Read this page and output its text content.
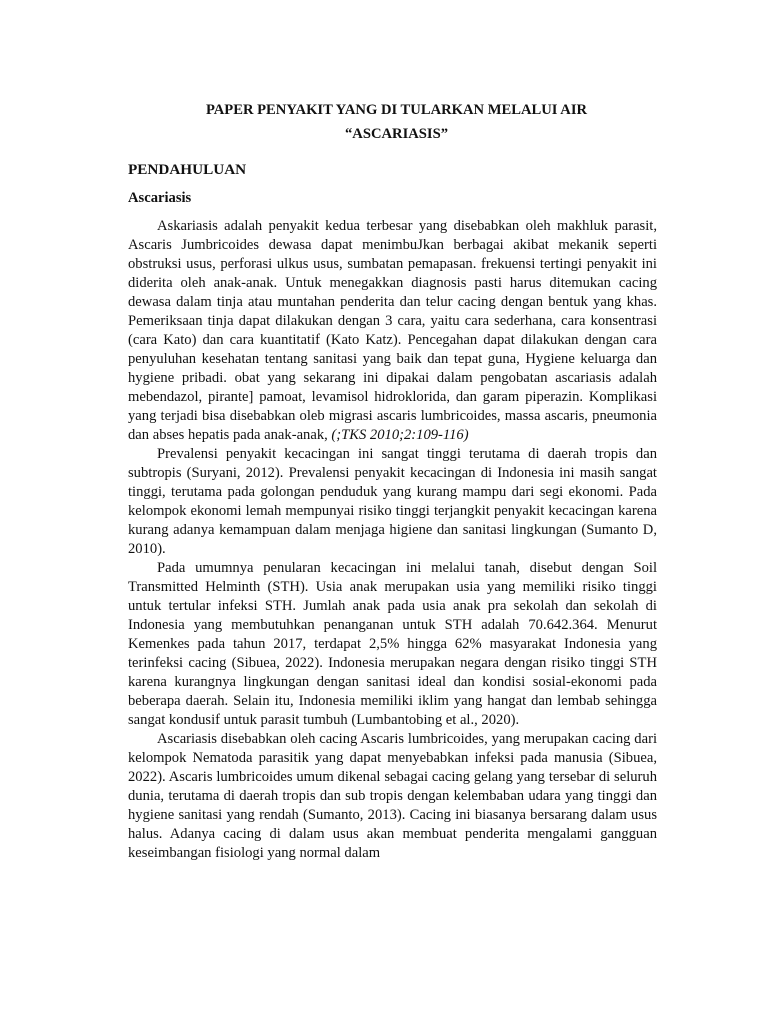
PAPER PENYAKIT YANG DI TULARKAN MELALUI AIR
“ASCARIASIS”
PENDAHULUAN
Ascariasis

Askariasis adalah penyakit kedua terbesar yang disebabkan oleh makhluk parasit, Ascaris Jumbricoides dewasa dapat menimbuJkan berbagai akibat mekanik seperti obstruksi usus, perforasi ulkus usus, sumbatan pemapasan. frekuensi tertingi penyakit ini diderita oleh anak-anak. Untuk menegakkan diagnosis pasti harus ditemukan cacing dewasa dalam tinja atau muntahan penderita dan telur cacing dengan bentuk yang khas. Pemeriksaan tinja dapat dilakukan dengan 3 cara, yaitu cara sederhana, cara konsentrasi (cara Kato) dan cara kuantitatif (Kato Katz). Pencegahan dapat dilakukan dengan cara penyuluhan kesehatan tentang sanitasi yang baik dan tepat guna, Hygiene keluarga dan hygiene pribadi. obat yang sekarang ini dipakai dalam pengobatan ascariasis adalah mebendazol, pirante] pamoat, levamisol hidroklorida, dan garam piperazin. Komplikasi yang terjadi bisa disebabkan oleb migrasi ascaris lumbricoides, massa ascaris, pneumonia dan abses hepatis pada anak-anak, (;TKS 2010;2:109-116)

Prevalensi penyakit kecacingan ini sangat tinggi terutama di daerah tropis dan subtropis (Suryani, 2012). Prevalensi penyakit kecacingan di Indonesia ini masih sangat tinggi, terutama pada golongan penduduk yang kurang mampu dari segi ekonomi. Pada kelompok ekonomi lemah mempunyai risiko tinggi terjangkit penyakit kecacingan karena kurang adanya kemampuan dalam menjaga higiene dan sanitasi lingkungan (Sumanto D, 2010).

Pada umumnya penularan kecacingan ini melalui tanah, disebut dengan Soil Transmitted Helminth (STH). Usia anak merupakan usia yang memiliki risiko tinggi untuk tertular infeksi STH. Jumlah anak pada usia anak pra sekolah dan sekolah di Indonesia yang membutuhkan penanganan untuk STH adalah 70.642.364. Menurut Kemenkes pada tahun 2017, terdapat 2,5% hingga 62% masyarakat Indonesia yang terinfeksi cacing (Sibuea, 2022). Indonesia merupakan negara dengan risiko tinggi STH karena kurangnya lingkungan dengan sanitasi ideal dan kondisi sosial-ekonomi pada beberapa daerah. Selain itu, Indonesia memiliki iklim yang hangat dan lembab sehingga sangat kondusif untuk parasit tumbuh (Lumbantobing et al., 2020).

Ascariasis disebabkan oleh cacing Ascaris lumbricoides, yang merupakan cacing dari kelompok Nematoda parasitik yang dapat menyebabkan infeksi pada manusia (Sibuea, 2022). Ascaris lumbricoides umum dikenal sebagai cacing gelang yang tersebar di seluruh dunia, terutama di daerah tropis dan sub tropis dengan kelembaban udara yang tinggi dan hygiene sanitasi yang rendah (Sumanto, 2013). Cacing ini biasanya bersarang dalam usus halus. Adanya cacing di dalam usus akan membuat penderita mengalami gangguan keseimbangan fisiologi yang normal dalam
